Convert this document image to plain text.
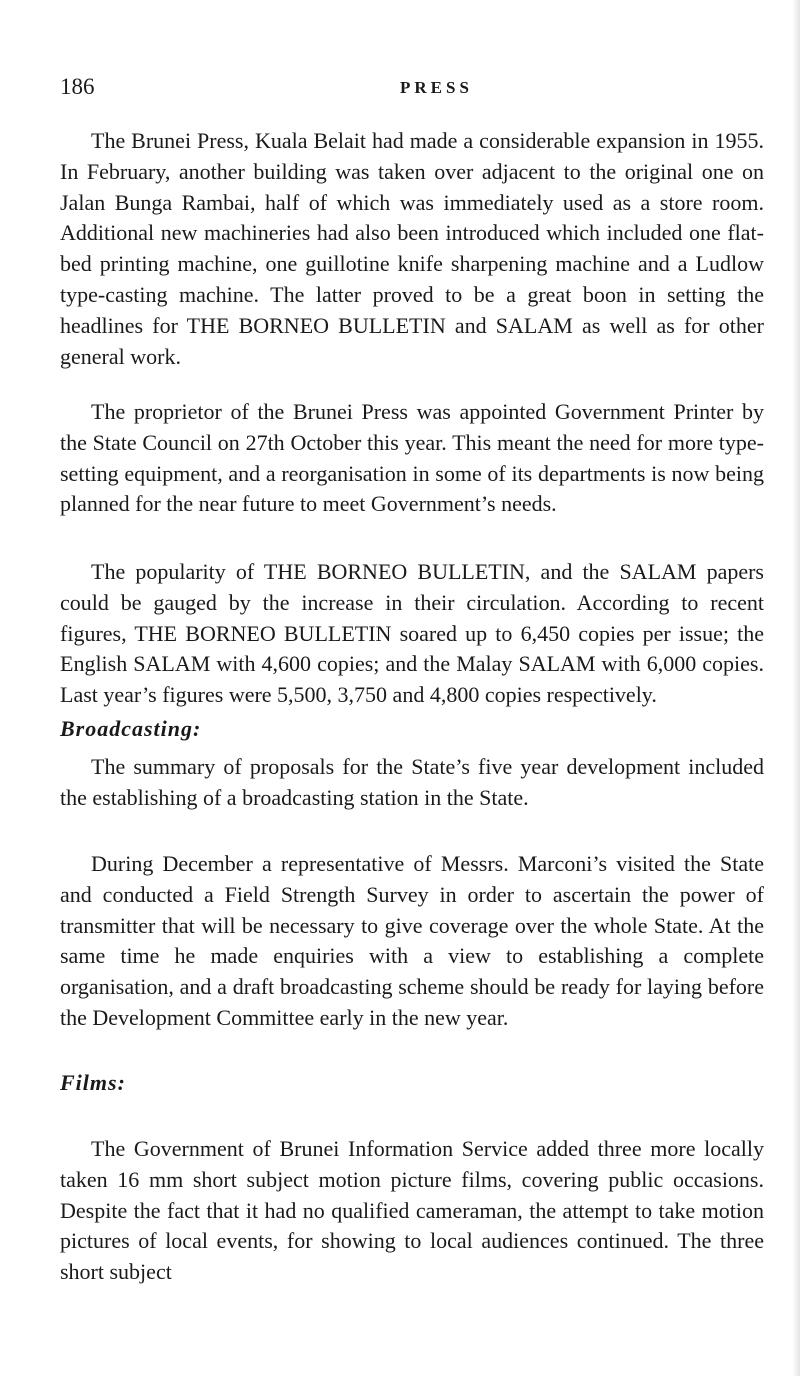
186	PRESS

The Brunei Press, Kuala Belait had made a considerable expansion in 1955. In February, another building was taken over adjacent to the original one on Jalan Bunga Rambai, half of which was immediately used as a store room. Additional new machineries had also been introduced which included one flat-bed printing machine, one guillotine knife sharpening machine and a Ludlow type-casting machine. The latter proved to be a great boon in setting the headlines for THE BORNEO BULLETIN and SALAM as well as for other general work.

The proprietor of the Brunei Press was appointed Government Printer by the State Council on 27th October this year. This meant the need for more type-setting equipment, and a reorganisation in some of its departments is now being planned for the near future to meet Government’s needs.

The popularity of THE BORNEO BULLETIN, and the SALAM papers could be gauged by the increase in their circulation. According to recent figures, THE BORNEO BULLETIN soared up to 6,450 copies per issue; the English SALAM with 4,600 copies; and the Malay SALAM with 6,000 copies. Last year’s figures were 5,500, 3,750 and 4,800 copies respectively.

Broadcasting:

The summary of proposals for the State’s five year development included the establishing of a broadcasting station in the State.

During December a representative of Messrs. Marconi’s visited the State and conducted a Field Strength Survey in order to ascertain the power of transmitter that will be necessary to give coverage over the whole State. At the same time he made enquiries with a view to establishing a complete organisation, and a draft broadcasting scheme should be ready for laying before the Development Committee early in the new year.

Films:

The Government of Brunei Information Service added three more locally taken 16 mm short subject motion picture films, covering public occasions. Despite the fact that it had no qualified cameraman, the attempt to take motion pictures of local events, for showing to local audiences continued. The three short subject
